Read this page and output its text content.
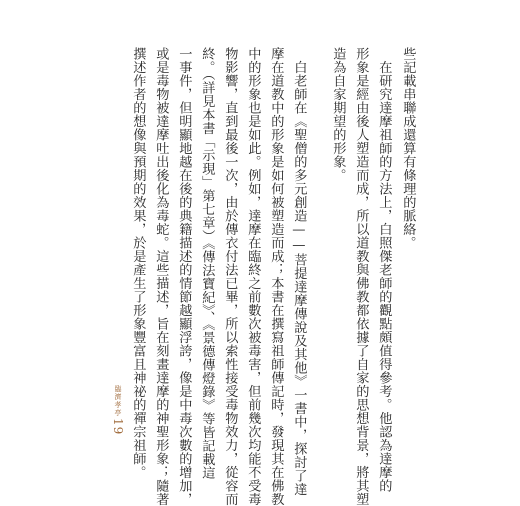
些記載串聯成還算有條理的脈絡。

　在研究達摩祖師的方法上，白照傑老師的觀點頗值得參考。他認為達摩的

形象是經由後人塑造而成，所以道教與佛教都依據了自家的思想背景，將其塑

造為自家期望的形象。

　白老師在《聖僧的多元創造——菩提達摩傳說及其他》一書中，探討了達

摩在道教中的形象是如何被塑造而成；本書在撰寫祖師傳記時，發現其在佛教

中的形象也是如此。例如，達摩在臨終之前數次被毒害，但前幾次均能不受毒

物影響，直到最後一次，由於傳衣付法已畢，所以索性接受毒物效力，從容而

終。（詳見本書「示現」第七章）《傳法寶紀》、《景德傳燈錄》等皆記載這

一事件，但明顯地越在後的典籍描述的情節越顯浮誇，像是中毒次數的增加，

或是毒物被達摩吐出後化為毒蛇。這些描述，旨在刻畫達摩的神聖形象；隨著

撰述作者的想像與預期的效果，於是產生了形象豐富且神祕的禪宗祖師。

臨濟孝亭
19
